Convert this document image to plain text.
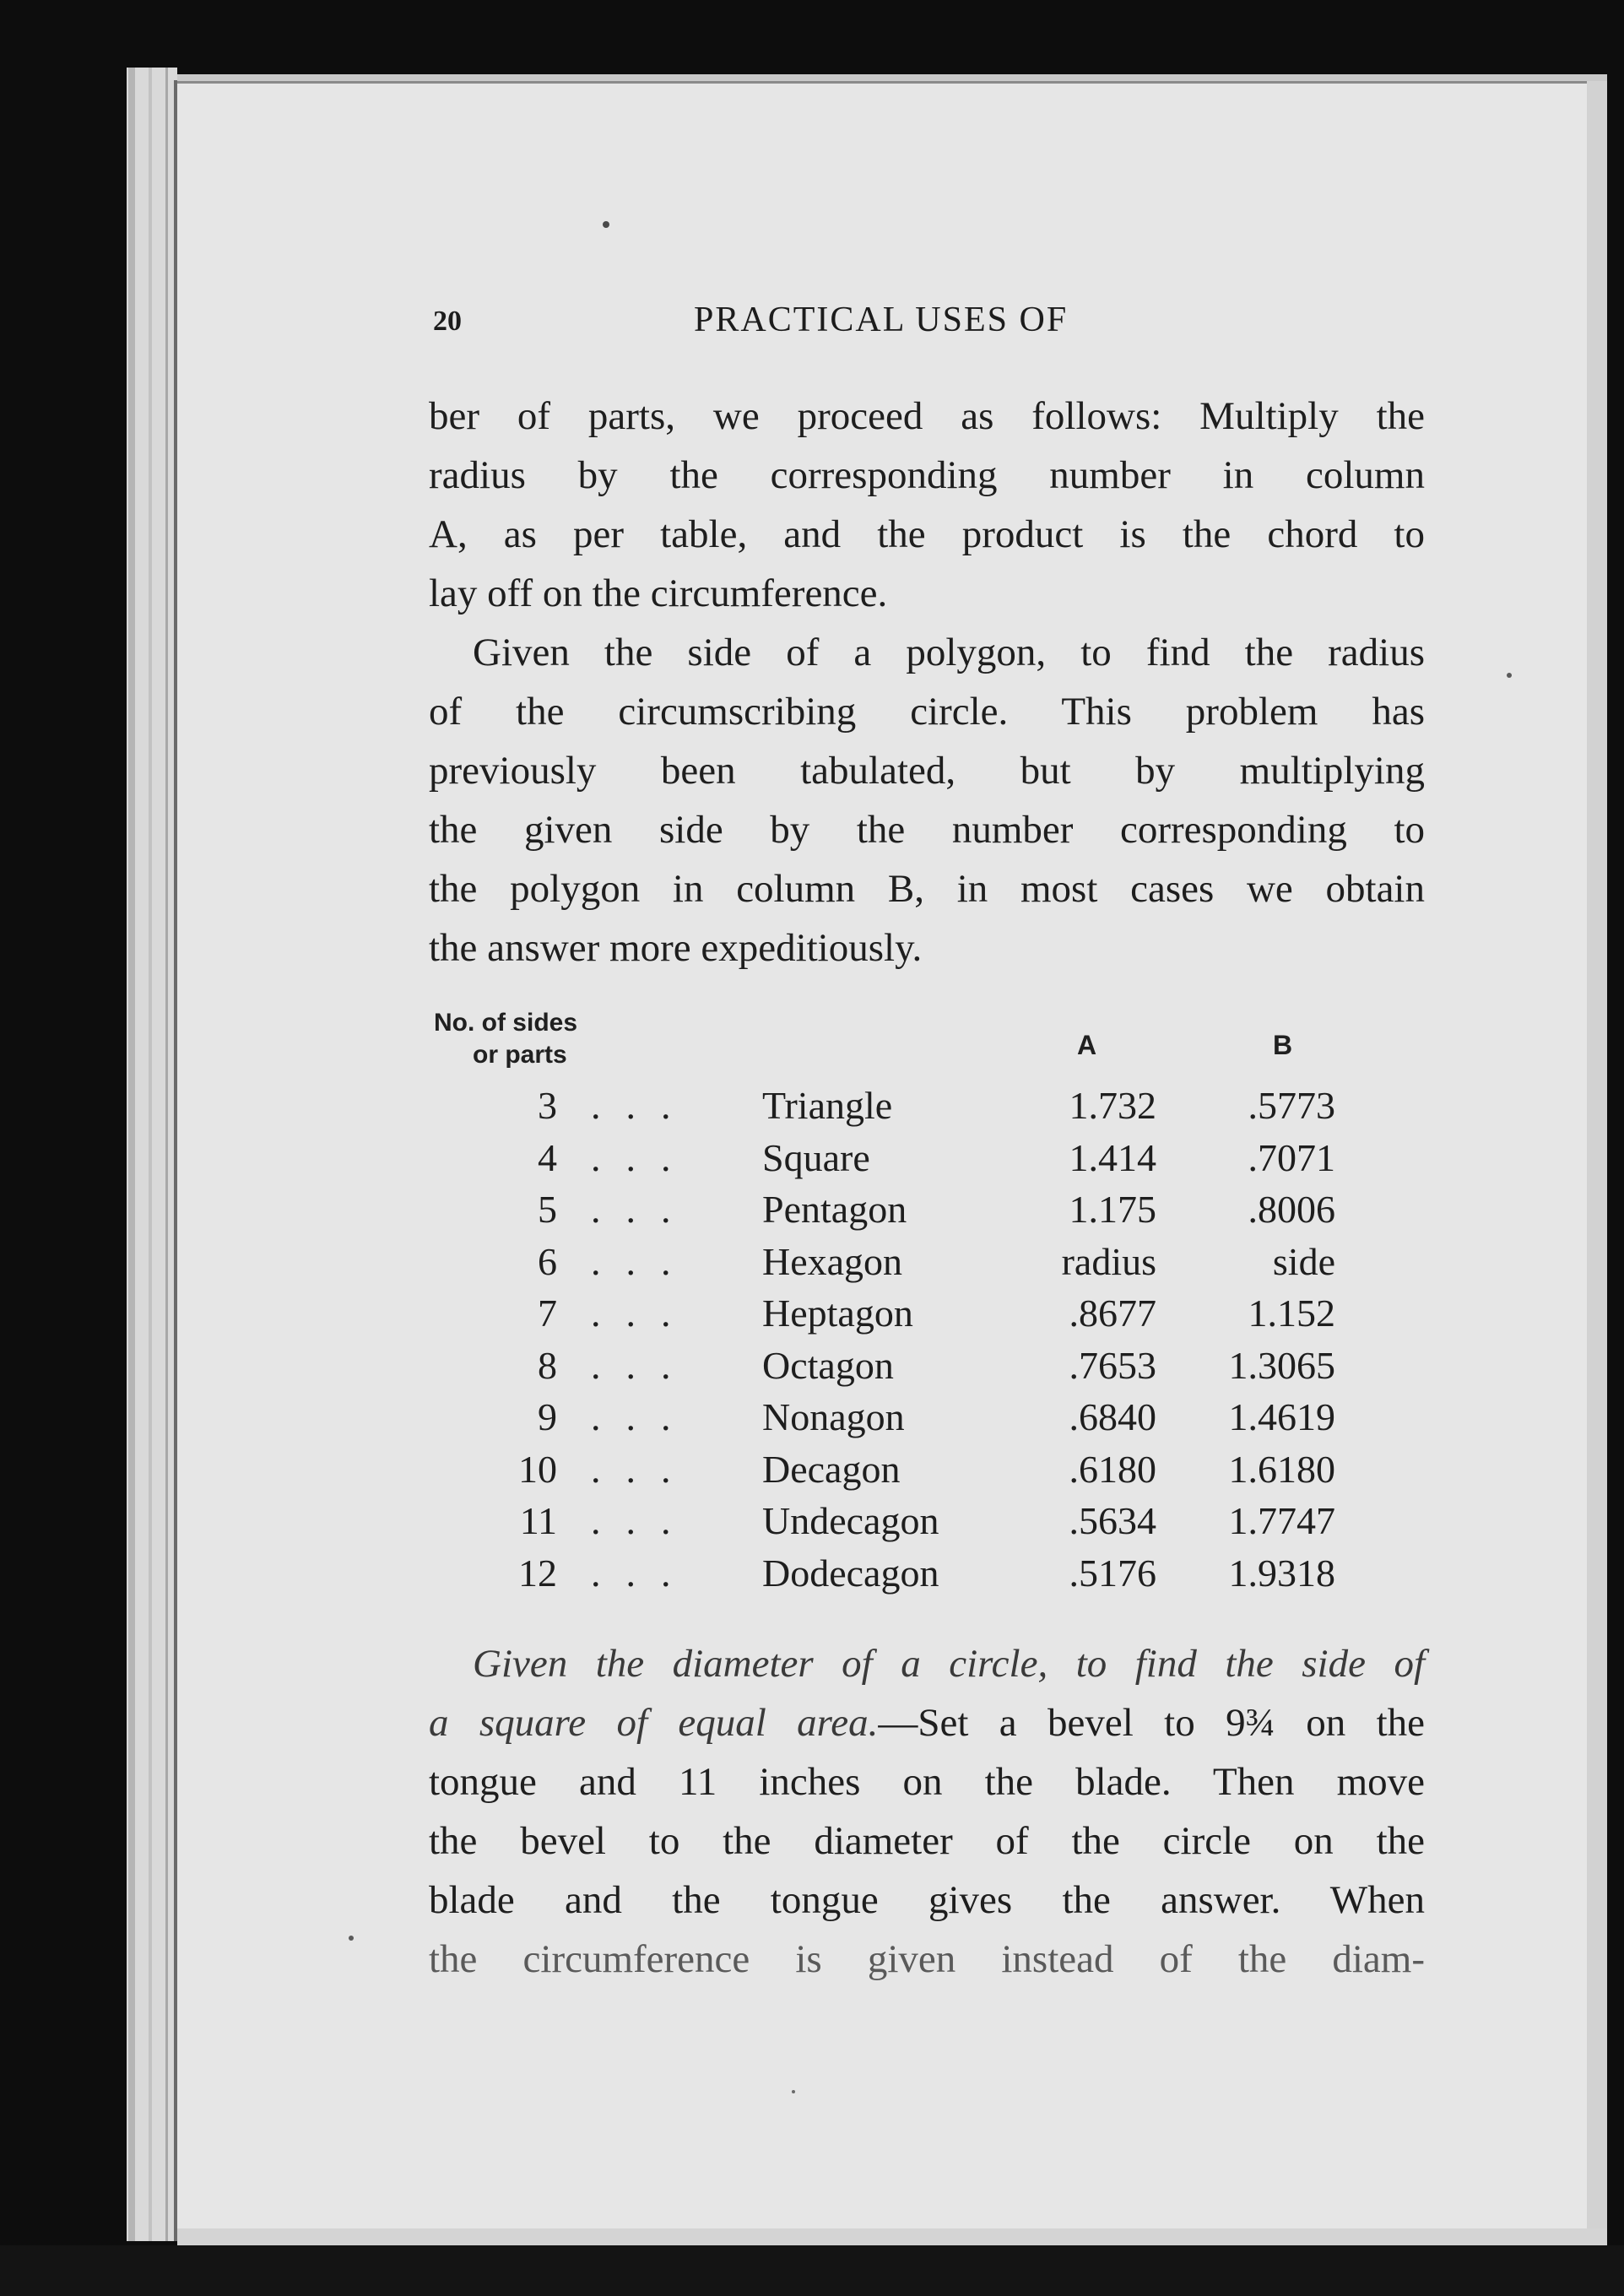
20	PRACTICAL USES OF
ber of parts, we proceed as follows: Multiply the
radius by the corresponding number in column
A, as per table, and the product is the chord to
lay off on the circumference.
Given the side of a polygon, to find the radius
of the circumscribing circle. This problem has
previously been tabulated, but by multiplying
the given side by the number corresponding to
the polygon in column B, in most cases we obtain
the answer more expeditiously.
No. of sides
or parts	A	B
3 ... Triangle	1.732	.5773
4 ... Square	1.414	.7071
5 ... Pentagon	1.175	.8006
6 ... Hexagon	radius	side
7 ... Heptagon	.8677	1.152
8 ... Octagon	.7653	1.3065
9 ... Nonagon	.6840	1.4619
10 ... Decagon	.6180	1.6180
11 ... Undecagon	.5634	1.7747
12 ... Dodecagon	.5176	1.9318
Given the diameter of a circle, to find the side of
a square of equal area.—Set a bevel to 9¾ on the
tongue and 11 inches on the blade. Then move
the bevel to the diameter of the circle on the
blade and the tongue gives the answer. When
the circumference is given instead of the diam-
